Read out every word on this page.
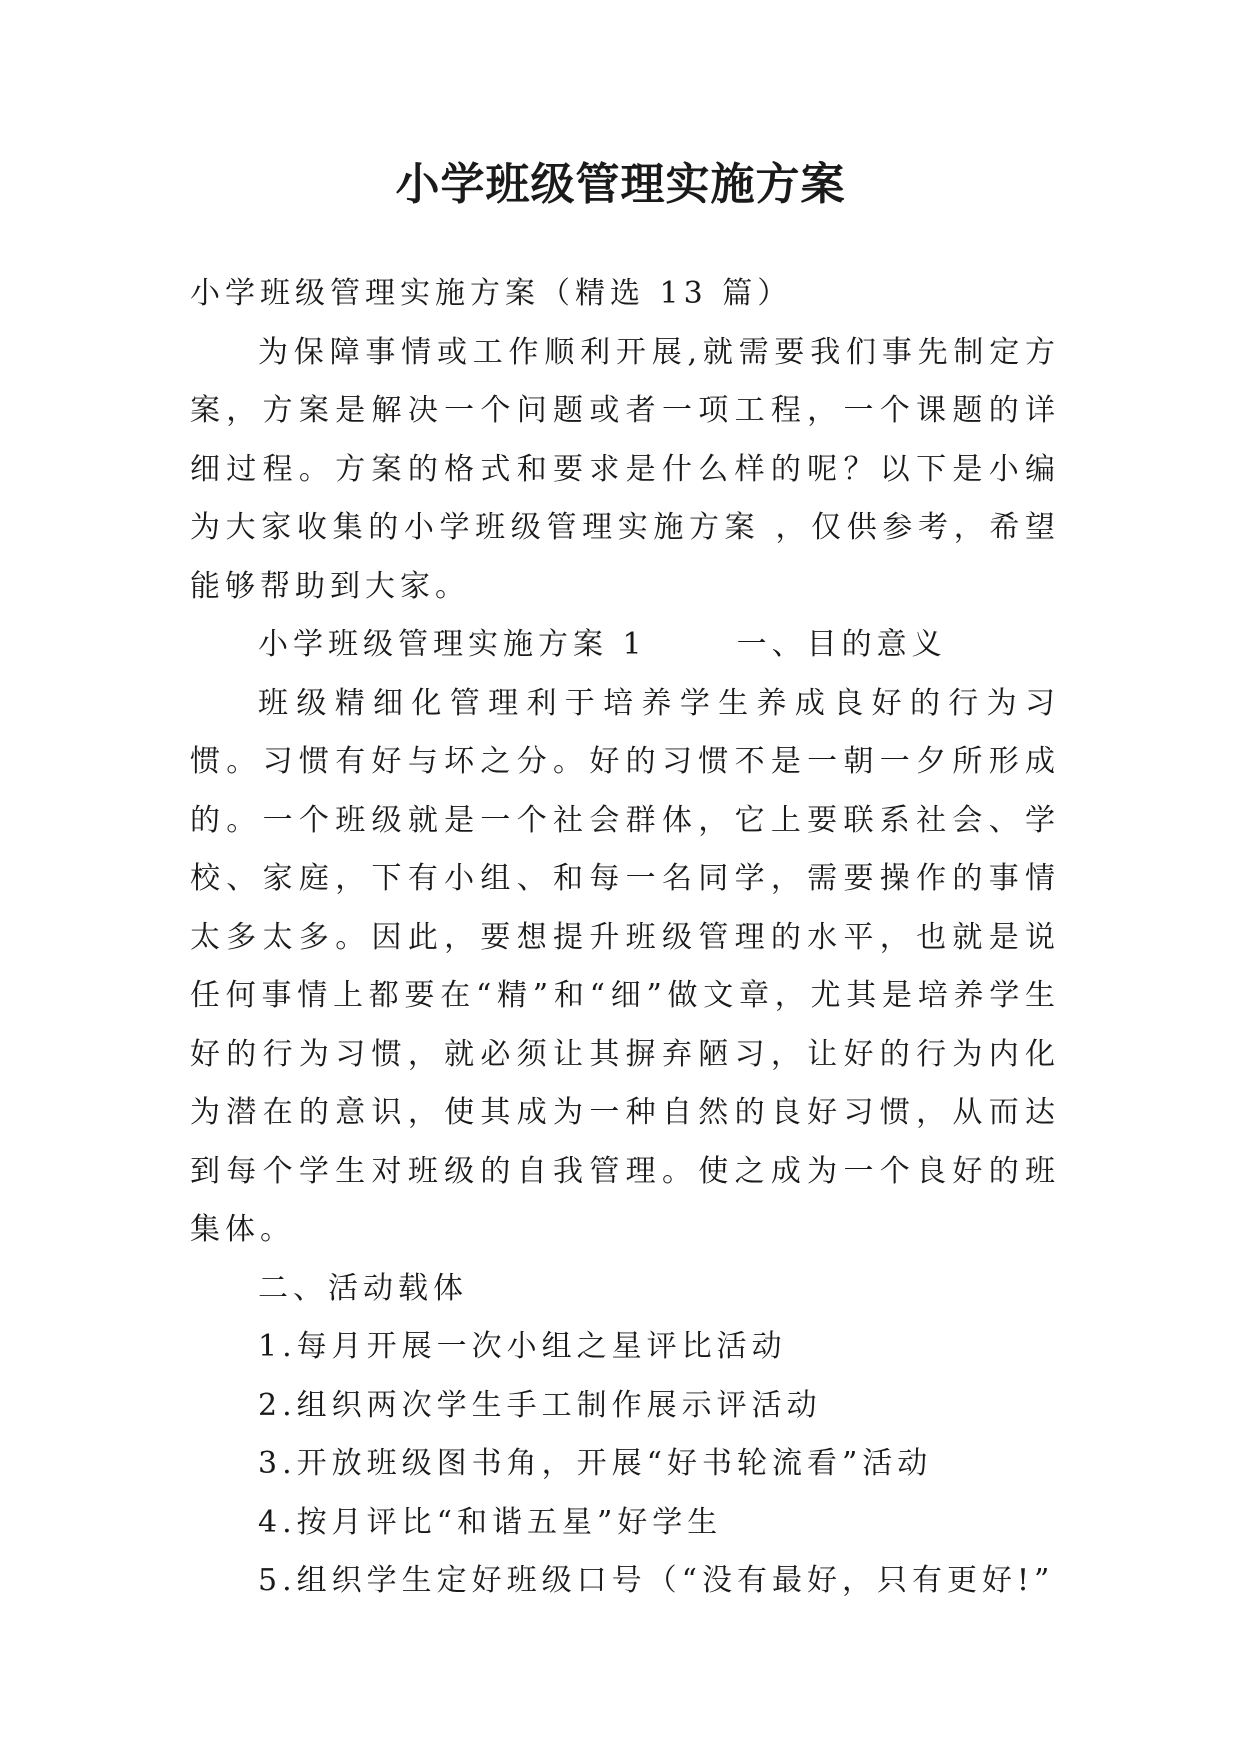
小学班级管理实施方案

小学班级管理实施方案（精选 13 篇）

为保障事情或工作顺利开展,就需要我们事先制定方案，方案是解决一个问题或者一项工程，一个课题的详细过程。方案的格式和要求是什么样的呢？以下是小编为大家收集的小学班级管理实施方案 ，仅供参考，希望能够帮助到大家。

小学班级管理实施方案 1	一、目的意义

班级精细化管理利于培养学生养成良好的行为习惯。习惯有好与坏之分。好的习惯不是一朝一夕所形成的。一个班级就是一个社会群体，它上要联系社会、学校、家庭，下有小组、和每一名同学，需要操作的事情太多太多。因此，要想提升班级管理的水平，也就是说任何事情上都要在“精”和“细”做文章，尤其是培养学生好的行为习惯，就必须让其摒弃陋习，让好的行为内化为潜在的意识，使其成为一种自然的良好习惯，从而达到每个学生对班级的自我管理。使之成为一个良好的班集体。

二、活动载体

1.每月开展一次小组之星评比活动

2.组织两次学生手工制作展示评活动

3.开放班级图书角，开展“好书轮流看”活动

4.按月评比“和谐五星”好学生

5.组织学生定好班级口号（“没有最好，只有更好!”
